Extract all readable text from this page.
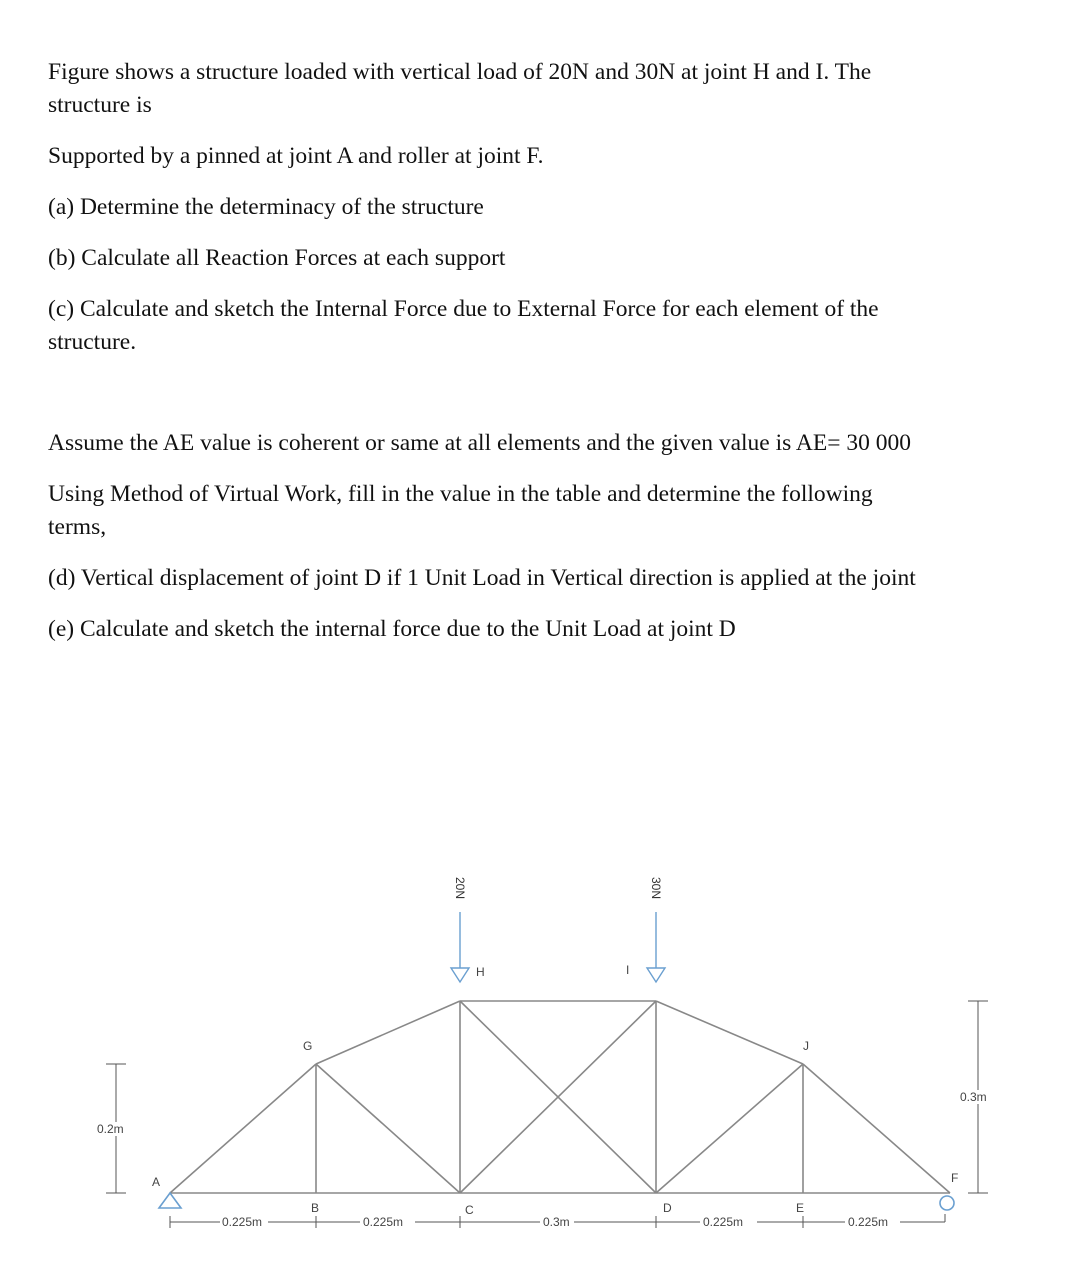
Figure shows a structure loaded with vertical load of 20N and 30N at joint H and I. The
structure is
Supported by a pinned at joint A and roller at joint F.
(a) Determine the determinacy of the structure
(b) Calculate all Reaction Forces at each support
(c) Calculate and sketch the Internal Force due to External Force for each element of the
structure.
Assume the AE value is coherent or same at all elements and the given value is AE= 30 000
Using Method of Virtual Work, fill in the value in the table and determine the following
terms,
(d) Vertical displacement of joint D if 1 Unit Load in Vertical direction is applied at the joint
(e) Calculate and sketch the internal force due to the Unit Load at joint D
20N	30N
A
B	C	D	E
F
G
H	I
J
0.225m	0.225m	0.3m	0.225m	0.225m
0.2m
0.3m
